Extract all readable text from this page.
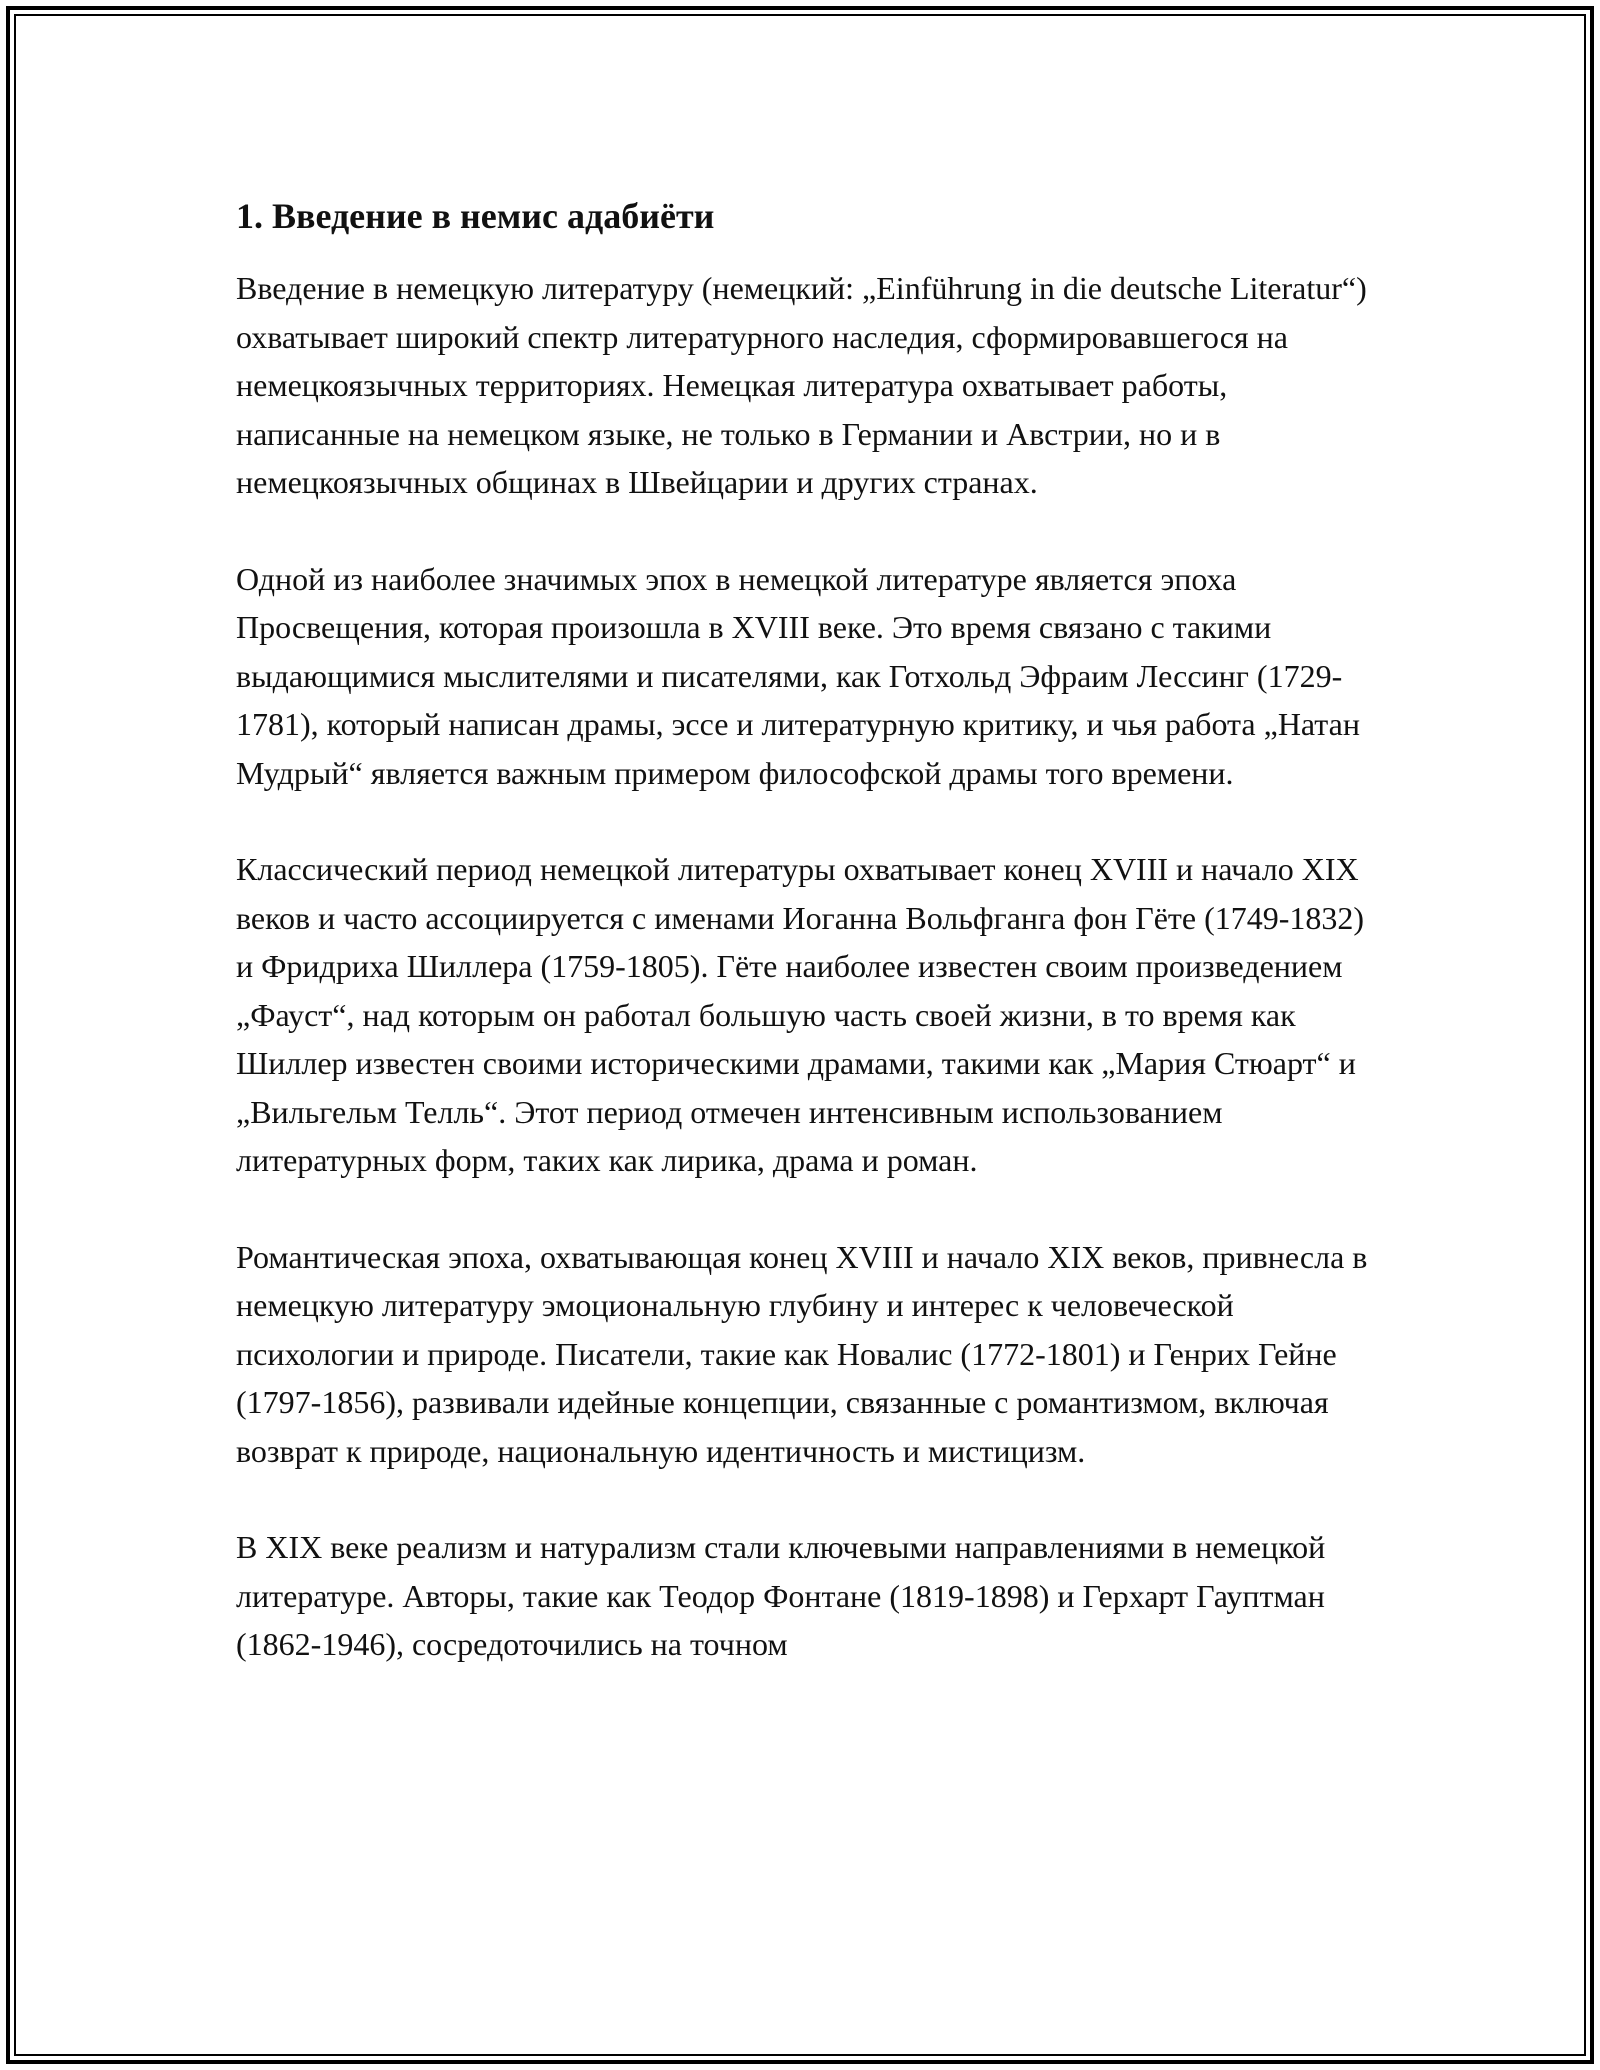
1. Введение в немис адабиёти

Введение в немецкую литературу (немецкий: „Einführung in die deutsche Literatur“) охватывает широкий спектр литературного наследия, сформировавшегося на немецкоязычных территориях. Немецкая литература охватывает работы, написанные на немецком языке, не только в Германии и Австрии, но и в немецкоязычных общинах в Швейцарии и других странах.

Одной из наиболее значимых эпох в немецкой литературе является эпоха Просвещения, которая произошла в XVIII веке. Это время связано с такими выдающимися мыслителями и писателями, как Готхольд Эфраим Лессинг (1729-1781), который написан драмы, эссе и литературную критику, и чья работа „Натан Мудрый“ является важным примером философской драмы того времени.

Классический период немецкой литературы охватывает конец XVIII и начало XIX веков и часто ассоциируется с именами Иоганна Вольфганга фон Гёте (1749-1832) и Фридриха Шиллера (1759-1805). Гёте наиболее известен своим произведением „Фауст“, над которым он работал большую часть своей жизни, в то время как Шиллер известен своими историческими драмами, такими как „Мария Стюарт“ и „Вильгельм Телль“. Этот период отмечен интенсивным использованием литературных форм, таких как лирика, драма и роман.

Романтическая эпоха, охватывающая конец XVIII и начало XIX веков, привнесла в немецкую литературу эмоциональную глубину и интерес к человеческой психологии и природе. Писатели, такие как Новалис (1772-1801) и Генрих Гейне (1797-1856), развивали идейные концепции, связанные с романтизмом, включая возврат к природе, национальную идентичность и мистицизм.

В XIX веке реализм и натурализм стали ключевыми направлениями в немецкой литературе. Авторы, такие как Теодор Фонтане (1819-1898) и Герхарт Гауптман (1862-1946), сосредоточились на точном
